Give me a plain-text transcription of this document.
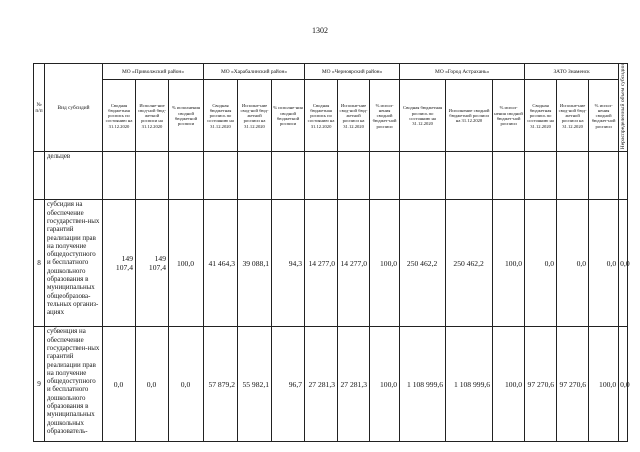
1302
№ п/п	Вид субсидий	МО «Приволжский район»			МО «Харабалинский район»			МО «Черноярский район»			МО «Город Астрахань»			ЗАТО Знаменск			Нераспределенный объем субсидии
		Сводная бюджетная роспись по состоянию на 31.12.2020	Исполне-ние свод-ной бюд-жетной росписи на 31.12.2020	% исполнения сводной бюджетной росписи	Сводная бюджетная роспись по состоянию на 31.12.2020	Исполне-ние свод-ной бюд-жетной росписи на 31.12.2020	% исполне-ния сводной бюджетной росписи	Сводная бюджетная роспись по состоянию на 31.12.2020	Исполне-ние свод-ной бюд-жетной росписи на 31.12.2020	% испол-нения сводной бюджет-ной росписи	Сводная бюджетная роспись по состоянию на 31.12.2020	Исполнение сводной бюджетной росписи на 31.12.2020	% испол-нения сводной бюджет-ной росписи	Сводная бюджетная роспись по состоянию на 31.12.2020	Исполне-ние свод-ной бюд-жетной росписи на 31.12.2020	% испол-нения сводной бюджет-ной росписи	
	дельцев																
8	субсидия на обеспечение государствен-ных гарантий реализации прав на получение общедоступного и бесплатного дошкольного образования в муниципальных общеобразова-тельных организ-ациях	149 107,4	149 107,4	100,0	41 464,3	39 088,1	94,3	14 277,0	14 277,0	100,0	250 462,2	250 462,2	100,0	0,0	0,0	0,0	0,0
9	субвенция на обеспечение государствен-ных гарантий реализации прав на получение общедоступного и бесплатного дошкольного образования в муниципальных дошкольных образователь-	0,0	0,0	0,0	57 879,2	55 982,1	96,7	27 281,3	27 281,3	100,0	1 108 999,6	1 108 999,6	100,0	97 270,6	97 270,6	100,0	0,0
